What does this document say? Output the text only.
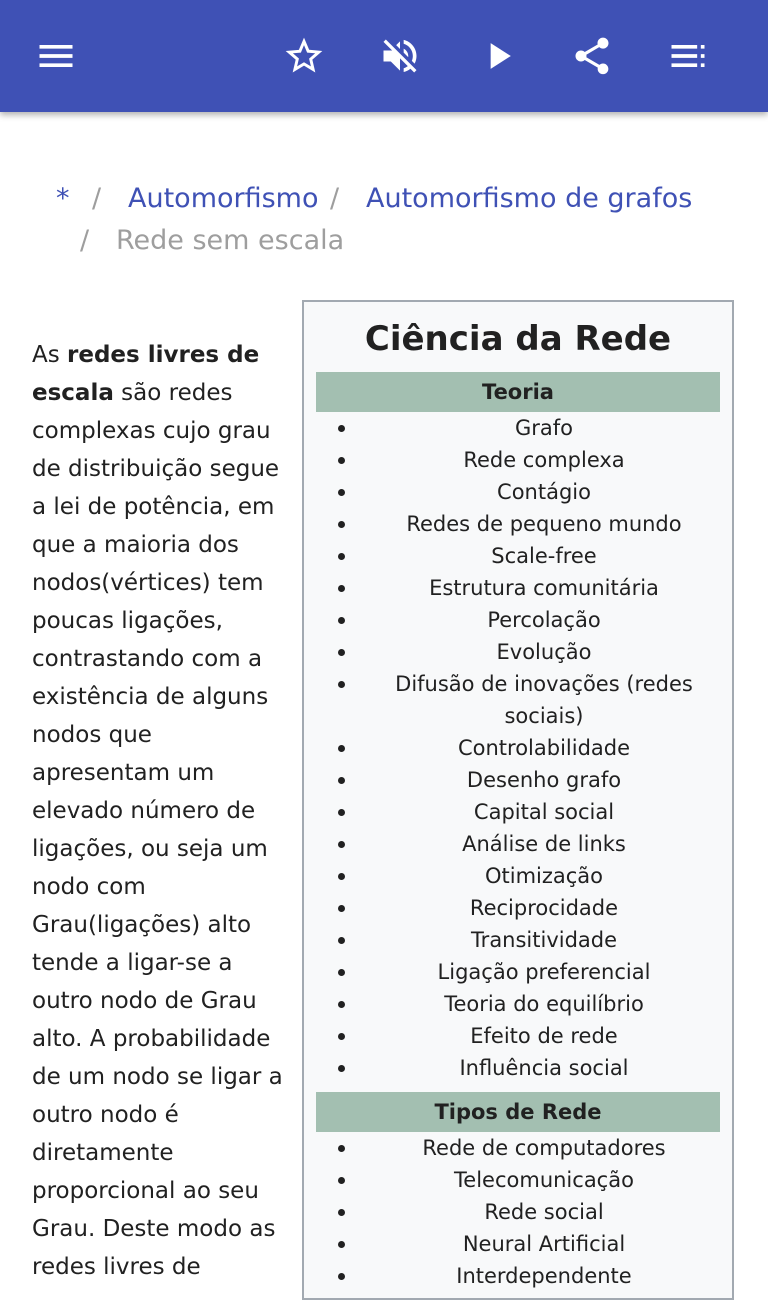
* / Automorfismo / Automorfismo de grafos
/ Rede sem escala
As redes livres de escala são redes complexas cujo grau de distribuição segue a lei de potência, em que a maioria dos nodos(vértices) tem poucas ligações, contrastando com a existência de alguns nodos que apresentam um elevado número de ligações, ou seja um nodo com Grau(ligações) alto tende a ligar-se a outro nodo de Grau alto. A probabilidade de um nodo se ligar a outro nodo é diretamente proporcional ao seu Grau. Deste modo as redes livres de
Ciência da Rede
Teoria
Grafo
Rede complexa
Contágio
Redes de pequeno mundo
Scale-free
Estrutura comunitária
Percolação
Evolução
Difusão de inovações (redes sociais)
Controlabilidade
Desenho grafo
Capital social
Análise de links
Otimização
Reciprocidade
Transitividade
Ligação preferencial
Teoria do equilíbrio
Efeito de rede
Influência social
Tipos de Rede
Rede de computadores
Telecomunicação
Rede social
Neural Artificial
Interdependente
